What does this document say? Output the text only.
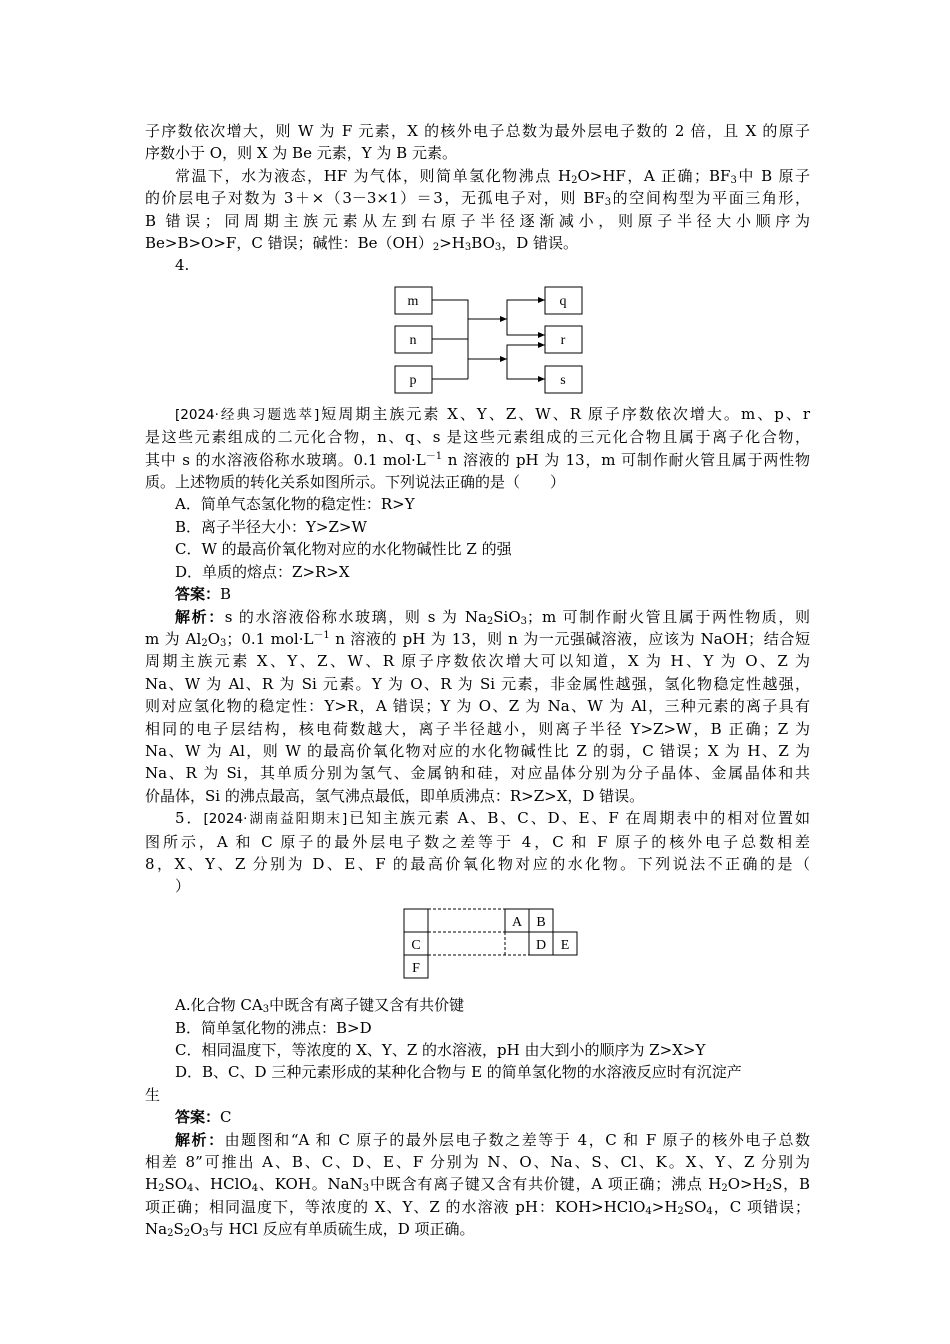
子序数依次增大，则 W 为 F 元素，X 的核外电子总数为最外层电子数的 2 倍，且 X 的原子

序数小于 O，则 X 为 Be 元素，Y 为 B 元素。

常温下，水为液态，HF 为气体，则简单氢化物沸点 $H_2O>HF$，A 正确；$BF_3$中 B 原子

的价层电子对数为 3＋×（3－3×1）＝3，无孤电子对，则 $BF_3$的空间构型为平面三角形，

B 错误；同周期主族元素从左到右原子半径逐渐减小，则原子半径大小顺序为

Be>B>O>F，C 错误；碱性：$Be(OH)_2>H_3BO_3$，D 错误。

4.

m
n
p
q
r
s

[2024·经典习题选萃]短周期主族元素 X、Y、Z、W、R 原子序数依次增大。m、p、r

是这些元素组成的二元化合物，n、q、s 是这些元素组成的三元化合物且属于离子化合物，

其中 s 的水溶液俗称水玻璃。0.1 $mol\cdot L^{-1}$ n 溶液的 pH 为 13，m 可制作耐火管且属于两性物

质。上述物质的转化关系如图所示。下列说法正确的是（　　）

A．简单气态氢化物的稳定性：R>Y

B．离子半径大小：Y>Z>W

C．W 的最高价氧化物对应的水化物碱性比 Z 的强

D．单质的熔点：Z>R>X

答案：B

解析：s 的水溶液俗称水玻璃，则 s 为 $Na_2SiO_3$；m 可制作耐火管且属于两性物质，则

m 为 $Al_2O_3$；0.1 $mol\cdot L^{-1}$ n 溶液的 pH 为 13，则 n 为一元强碱溶液，应该为 NaOH；结合短

周期主族元素 X、Y、Z、W、R 原子序数依次增大可以知道，X 为 H、Y 为 O、Z 为

Na、W 为 Al、R 为 Si 元素。Y 为 O、R 为 Si 元素，非金属性越强，氢化物稳定性越强，

则对应氢化物的稳定性：Y>R，A 错误；Y 为 O、Z 为 Na、W 为 Al，三种元素的离子具有

相同的电子层结构，核电荷数越大，离子半径越小，则离子半径 Y>Z>W，B 正确；Z 为

Na、W 为 Al，则 W 的最高价氧化物对应的水化物碱性比 Z 的弱，C 错误；X 为 H、Z 为

Na、R 为 Si，其单质分别为氢气、金属钠和硅，对应晶体分别为分子晶体、金属晶体和共

价晶体，Si 的沸点最高，氢气沸点最低，即单质沸点：R>Z>X，D 错误。

5．[2024·湖南益阳期末]已知主族元素 A、B、C、D、E、F 在周期表中的相对位置如

图所示，A 和 C 原子的最外层电子数之差等于 4，C 和 F 原子的核外电子总数相差

8，X、Y、Z 分别为 D、E、F 的最高价氧化物对应的水化物。下列说法不正确的是（

）

A B
C	D E
F

A.化合物 $CA_3$中既含有离子键又含有共价键

B．简单氢化物的沸点：B>D

C．相同温度下，等浓度的 X、Y、Z 的水溶液，pH 由大到小的顺序为 Z>X>Y

D．B、C、D 三种元素形成的某种化合物与 E 的简单氢化物的水溶液反应时有沉淀产

生

答案：C

解析：由题图和“A 和 C 原子的最外层电子数之差等于 4，C 和 F 原子的核外电子总数

相差 8”可推出 A、B、C、D、E、F 分别为 N、O、Na、S、Cl、K。X、Y、Z 分别为

$H_2SO_4$、HClO$_4$、KOH。NaN$_3$中既含有离子键又含有共价键，A 项正确；沸点 $H_2O>H_2S$，B

项正确；相同温度下，等浓度的 X、Y、Z 的水溶液 pH：$KOH>HClO_4>H_2SO_4$，C 项错误；

$Na_2S_2O_3$与 HCl 反应有单质硫生成，D 项正确。
